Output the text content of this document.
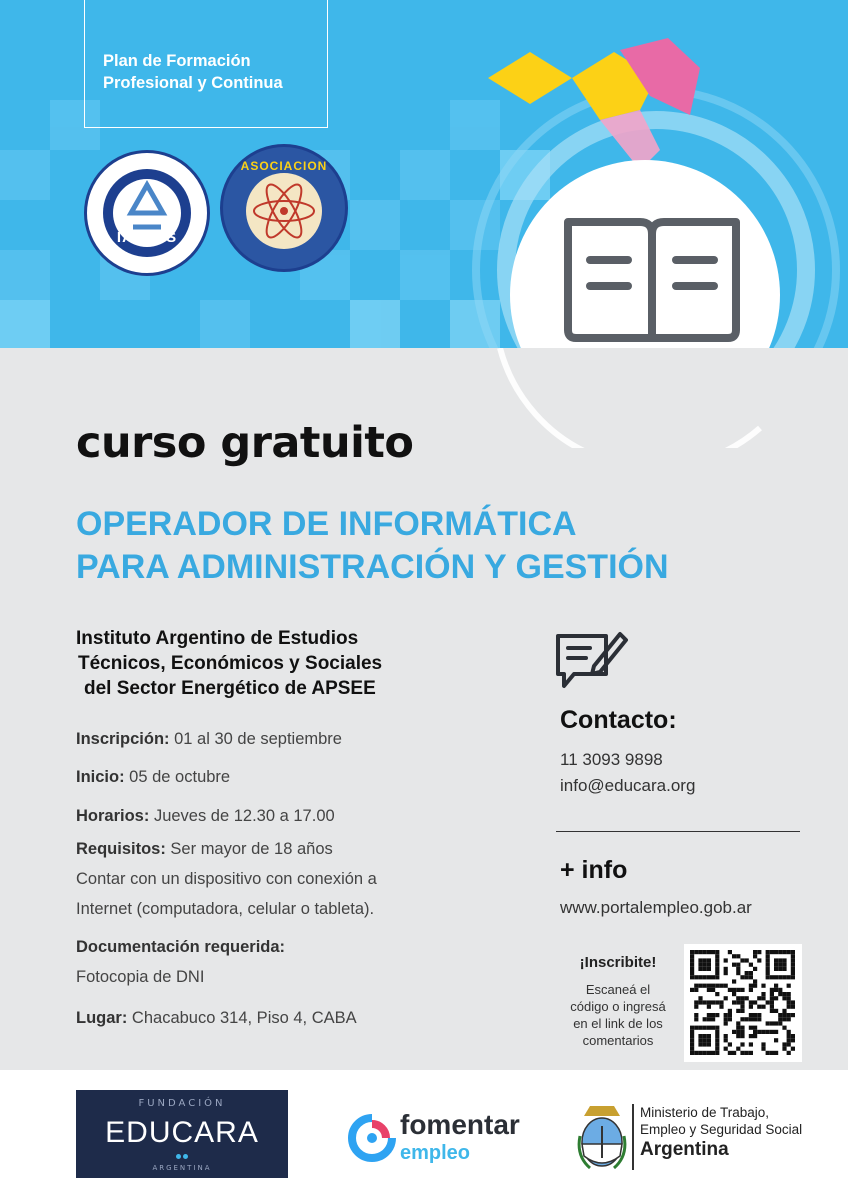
Plan de Formación
Profesional y Continua
IAETES
ASOCIACION
curso gratuito
OPERADOR DE INFORMÁTICA
PARA ADMINISTRACIÓN Y GESTIÓN
Instituto Argentino de Estudios
Técnicos, Económicos y Sociales
del Sector Energético de APSEE
Inscripción: 01 al 30 de septiembre
Inicio: 05 de octubre
Horarios: Jueves de 12.30 a 17.00
Requisitos: Ser mayor de 18 años
Contar con un dispositivo con conexión a
Internet (computadora, celular o tableta).
Documentación requerida:
Fotocopia de DNI
Lugar: Chacabuco 314, Piso 4, CABA
Contacto:
11 3093 9898
info@educara.org
+ info
www.portalempleo.gob.ar
¡Inscribite!
Escaneá el
código o ingresá
en el link de los
comentarios
FUNDACIÓN
EDUCARA
ARGENTINA
fomentar
empleo
Ministerio de Trabajo,
Empleo y Seguridad Social
Argentina
